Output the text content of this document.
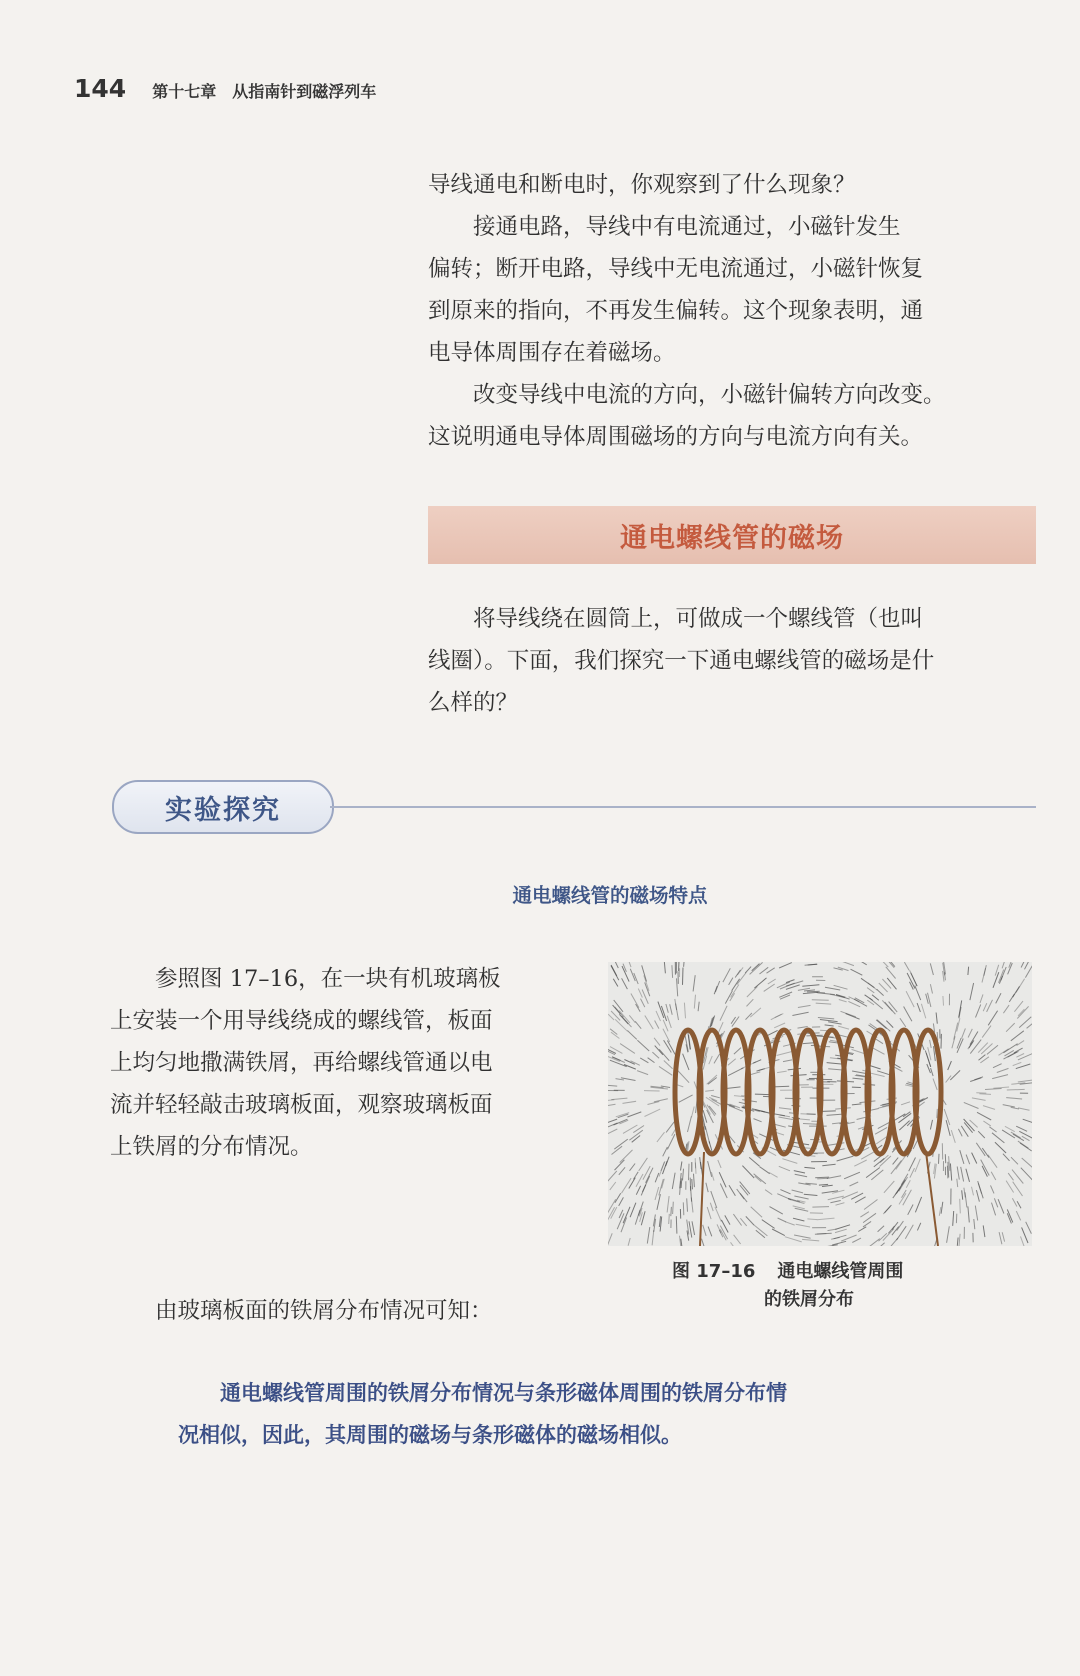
144 第十七章　从指南针到磁浮列车

导线通电和断电时，你观察到了什么现象？
　　接通电路，导线中有电流通过，小磁针发生
偏转；断开电路，导线中无电流通过，小磁针恢复
到原来的指向，不再发生偏转。这个现象表明，通
电导体周围存在着磁场。
　　改变导线中电流的方向，小磁针偏转方向改变。
这说明通电导体周围磁场的方向与电流方向有关。

通电螺线管的磁场

　　将导线绕在圆筒上，可做成一个螺线管（也叫
线圈）。下面，我们探究一下通电螺线管的磁场是什
么样的？

实验探究
通电螺线管的磁场特点

　　参照图 17–16，在一块有机玻璃板
上安装一个用导线绕成的螺线管，板面
上均匀地撒满铁屑，再给螺线管通以电
流并轻轻敲击玻璃板面，观察玻璃板面
上铁屑的分布情况。

图 17–16 通电螺线管周围
的铁屑分布

　　由玻璃板面的铁屑分布情况可知：

　　通电螺线管周围的铁屑分布情况与条形磁体周围的铁屑分布情
况相似，因此，其周围的磁场与条形磁体的磁场相似。
